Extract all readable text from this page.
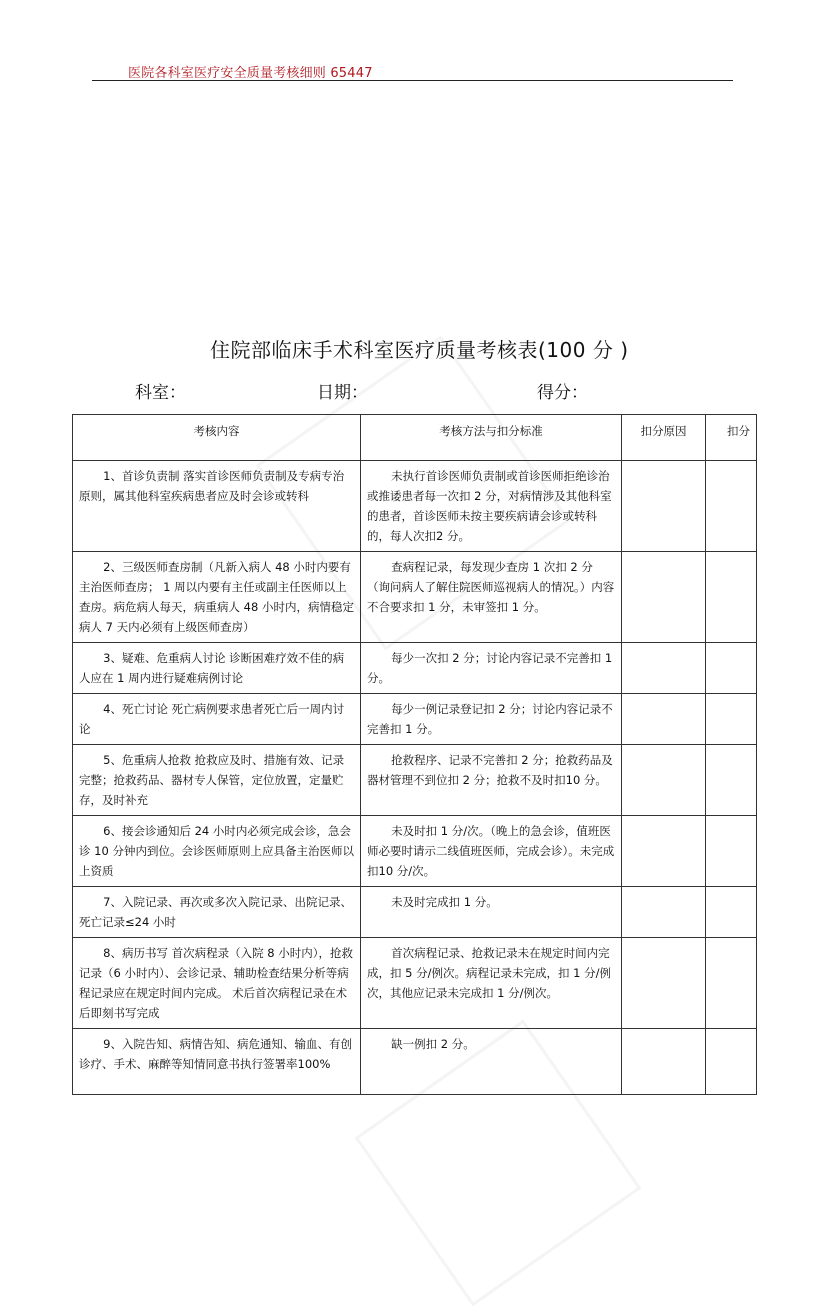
医院各科室医疗安全质量考核细则 65447
住院部临床手术科室医疗质量考核表(100 分 )
科室：	日期：	得分：
考核内容	考核方法与扣分标准	扣分原因	扣分
1、首诊负责制 落实首诊医师负责制及专病专治原则，属其他科室疾病患者应及时会诊或转科	未执行首诊医师负责制或首诊医师拒绝诊治或推诿患者每一次扣 2 分，对病情涉及其他科室的患者，首诊医师未按主要疾病请会诊或转科的，每人次扣2 分。		
2、三级医师查房制（凡新入病人 48 小时内要有主治医师查房； 1 周以内要有主任或副主任医师以上查房。病危病人每天，病重病人 48 小时内，病情稳定病人 7 天内必须有上级医师查房）	查病程记录，每发现少查房 1 次扣 2 分（询问病人了解住院医师巡视病人的情况。）内容不合要求扣 1 分，未审签扣 1 分。		
3、疑难、危重病人讨论 诊断困难疗效不佳的病人应在 1 周内进行疑难病例讨论	每少一次扣 2 分；讨论内容记录不完善扣 1 分。		
4、死亡讨论 死亡病例要求患者死亡后一周内讨论	每少一例记录登记扣 2 分；讨论内容记录不完善扣 1 分。		
5、危重病人抢救 抢救应及时、措施有效、记录完整；抢救药品、器材专人保管，定位放置，定量贮存，及时补充	抢救程序、记录不完善扣 2 分；抢救药品及器材管理不到位扣 2 分；抢救不及时扣10 分。		
6、接会诊通知后 24 小时内必须完成会诊，急会诊 10 分钟内到位。会诊医师原则上应具备主治医师以上资质	未及时扣 1 分/次。（晚上的急会诊，值班医师必要时请示二线值班医师，完成会诊）。未完成扣10 分/次。		
7、入院记录、再次或多次入院记录、出院记录、死亡记录≤24 小时	未及时完成扣 1 分。		
8、病历书写 首次病程录（入院 8 小时内），抢救记录（6 小时内）、会诊记录、辅助检查结果分析等病程记录应在规定时间内完成。 术后首次病程记录在术后即刻书写完成	首次病程记录、抢救记录未在规定时间内完成，扣 5 分/例次。病程记录未完成，扣 1 分/例次，其他应记录未完成扣 1 分/例次。		
9、入院告知、病情告知、病危通知、输血、有创诊疗、手术、麻醉等知情同意书执行签署率100%	缺一例扣 2 分。		
